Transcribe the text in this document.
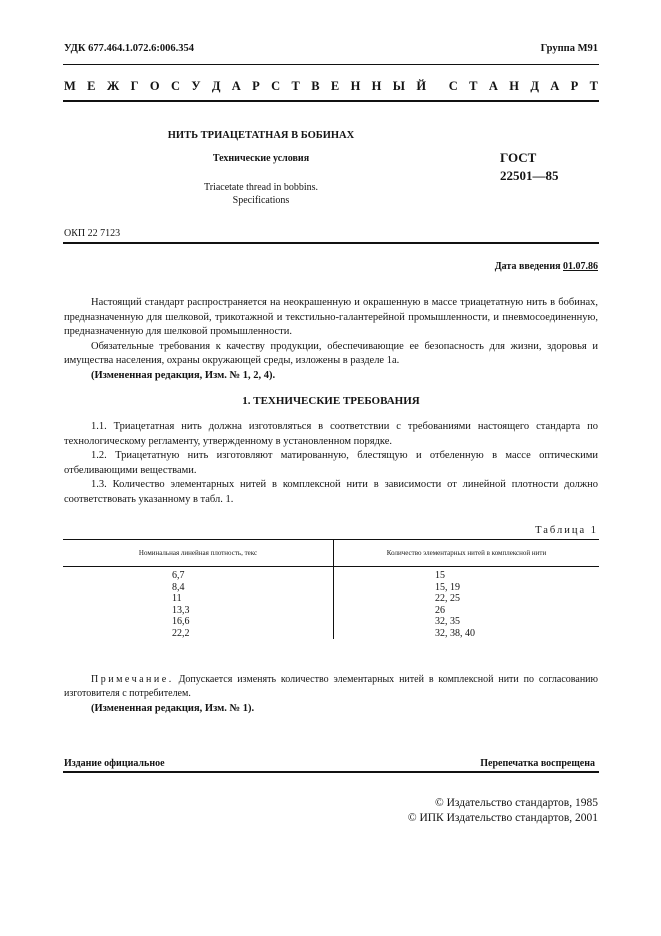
УДК 677.464.1.072.6:006.354	Группа М91
М Е Ж Г О С У Д А Р С Т В Е Н Н Ы Й С Т А Н Д А Р Т
НИТЬ ТРИАЦЕТАТНАЯ В БОБИНАХ
Технические условия
Triacetate thread in bobbins.
Specifications
ГОСТ
22501—85
ОКП 22 7123
Дата введения 01.07.86

Настоящий стандарт распространяется на неокрашенную и окрашенную в массе триацетатную нить в бобинах, предназначенную для шелковой, трикотажной и текстильно-галантерейной промышленности, и пневмосоединенную, предназначенную для шелковой промышленности.

Обязательные требования к качеству продукции, обеспечивающие ее безопасность для жизни, здоровья и имущества населения, охраны окружающей среды, изложены в разделе 1а.

(Измененная редакция, Изм. № 1, 2, 4).

1. ТЕХНИЧЕСКИЕ ТРЕБОВАНИЯ

1.1. Триацетатная нить должна изготовляться в соответствии с требованиями настоящего стандарта по технологическому регламенту, утвержденному в установленном порядке.

1.2. Триацетатную нить изготовляют матированную, блестящую и отбеленную в массе оптическими отбеливающими веществами.

1.3. Количество элементарных нитей в комплексной нити в зависимости от линейной плотности должно соответствовать указанному в табл. 1.

Таблица 1
Номинальная линейная плотность, текс	Количество элементарных нитей в комплексной нити
6,7	15
8,4	15, 19
11	22, 25
13,3	26
16,6	32, 35
22,2	32, 38, 40

Примечание. Допускается изменять количество элементарных нитей в комплексной нити по согласованию изготовителя с потребителем.

(Измененная редакция, Изм. № 1).
Издание официальное	Перепечатка воспрещена
© Издательство стандартов, 1985
© ИПК Издательство стандартов, 2001
